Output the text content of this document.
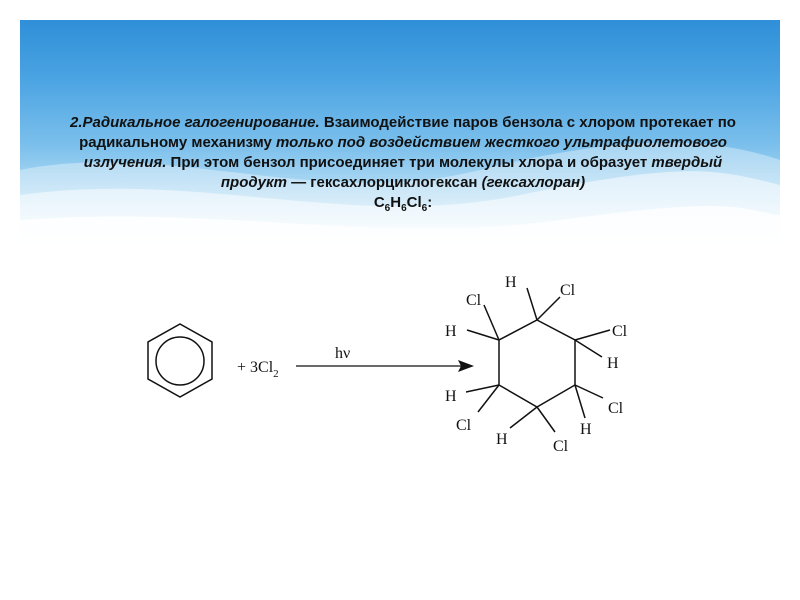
2.Радикальное галогенирование. Взаимодействие паров бензола с хлором протекает по радикальному механизму только под воздействием жесткого ультрафиолетового излучения. При этом бензол присоединяет три молекулы хлора и образует твердый продукт — гексахлорциклогексан (гексахлоран)
$C_6H_6Cl_6$:
+ $3Cl_2$
hν
Cl
H	Cl
H	Cl
H
H
Cl
Cl
H	Cl
H
